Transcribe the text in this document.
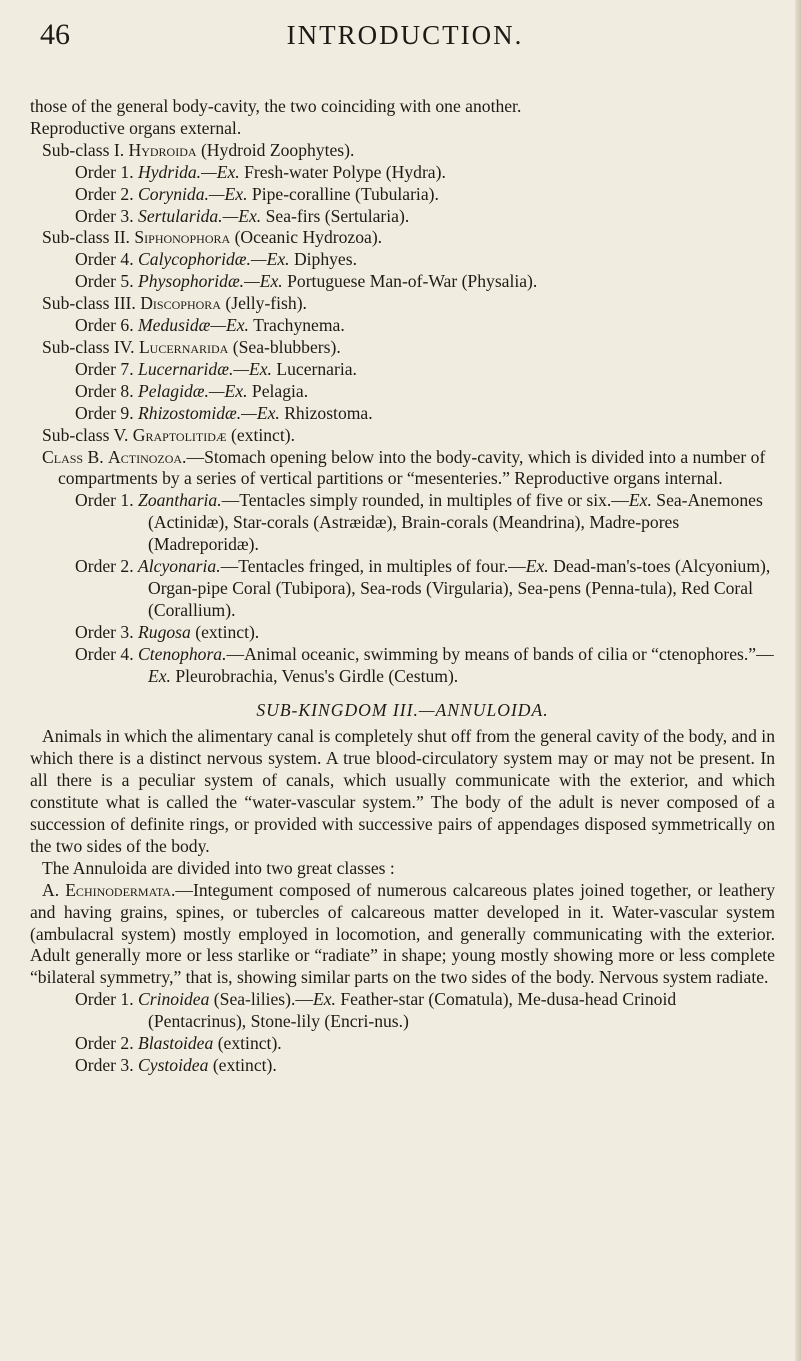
46	INTRODUCTION.

those of the general body-cavity, the two coinciding with one another.

Reproductive organs external.

Sub-class I. Hydroida (Hydroid Zoophytes).

Order 1. Hydrida.—Ex. Fresh-water Polype (Hydra).

Order 2. Corynida.—Ex. Pipe-coralline (Tubularia).

Order 3. Sertularida.—Ex. Sea-firs (Sertularia).

Sub-class II. Siphonophora (Oceanic Hydrozoa).

Order 4. Calycophoridæ.—Ex. Diphyes.

Order 5. Physophoridæ.—Ex. Portuguese Man-of-War (Physalia).

Sub-class III. Discophora (Jelly-fish).

Order 6. Medusidæ—Ex. Trachynema.

Sub-class IV. Lucernarida (Sea-blubbers).

Order 7. Lucernaridæ.—Ex. Lucernaria.

Order 8. Pelagidæ.—Ex. Pelagia.

Order 9. Rhizostomidæ.—Ex. Rhizostoma.

Sub-class V. Graptolitidæ (extinct).

Class B. Actinozoa.—Stomach opening below into the body-cavity, which is divided into a number of compartments by a series of vertical partitions or “mesenteries.” Reproductive organs internal.

Order 1. Zoantharia.—Tentacles simply rounded, in multiples of five or six.—Ex. Sea-Anemones (Actinidæ), Star-corals (Astræidæ), Brain-corals (Meandrina), Madre-pores (Madreporidæ).

Order 2. Alcyonaria.—Tentacles fringed, in multiples of four.—Ex. Dead-man's-toes (Alcyonium), Organ-pipe Coral (Tubipora), Sea-rods (Virgularia), Sea-pens (Penna-tula), Red Coral (Corallium).

Order 3. Rugosa (extinct).

Order 4. Ctenophora.—Animal oceanic, swimming by means of bands of cilia or “ctenophores.”—Ex. Pleurobrachia, Venus's Girdle (Cestum).

SUB-KINGDOM III.—ANNULOIDA.

Animals in which the alimentary canal is completely shut off from the general cavity of the body, and in which there is a distinct nervous system. A true blood-circulatory system may or may not be present. In all there is a peculiar system of canals, which usually communicate with the exterior, and which constitute what is called the “water-vascular system.” The body of the adult is never composed of a succession of definite rings, or provided with successive pairs of appendages disposed symmetrically on the two sides of the body.

The Annuloida are divided into two great classes :

A. Echinodermata.—Integument composed of numerous calcareous plates joined together, or leathery and having grains, spines, or tubercles of calcareous matter developed in it. Water-vascular system (ambulacral system) mostly employed in locomotion, and generally communicating with the exterior. Adult generally more or less starlike or “radiate” in shape; young mostly showing more or less complete “bilateral symmetry,” that is, showing similar parts on the two sides of the body. Nervous system radiate.

Order 1. Crinoidea (Sea-lilies).—Ex. Feather-star (Comatula), Me-dusa-head Crinoid (Pentacrinus), Stone-lily (Encri-nus.)

Order 2. Blastoidea (extinct).

Order 3. Cystoidea (extinct).
